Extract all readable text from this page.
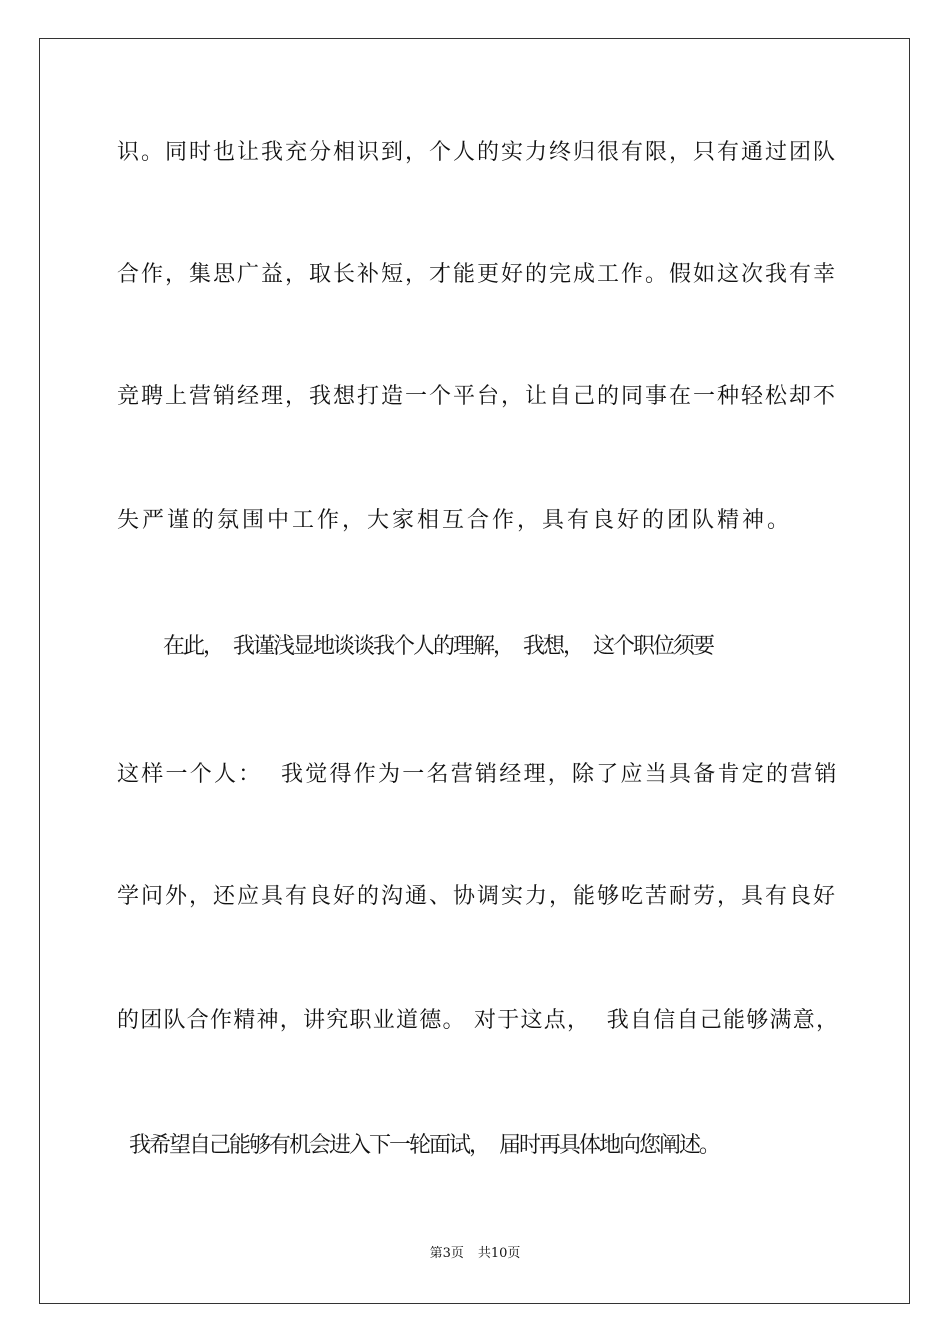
识。同时也让我充分相识到，个人的实力终归很有限，只有通过团队
合作，集思广益，取长补短，才能更好的完成工作。假如这次我有幸
竞聘上营销经理，我想打造一个平台，让自己的同事在一种轻松却不
失严谨的氛围中工作，大家相互合作，具有良好的团队精神。
在此，  我谨浅显地谈谈我个人的理解，  我想，  这个职位须要
这样一个人：  我觉得作为一名营销经理，除了应当具备肯定的营销
学问外，还应具有良好的沟通、协调实力，能够吃苦耐劳，具有良好
的团队合作精神，讲究职业道德。 对于这点，  我自信自己能够满意，
我希望自己能够有机会进入下一轮面试，  届时再具体地向您阐述。
第3页 共10页
